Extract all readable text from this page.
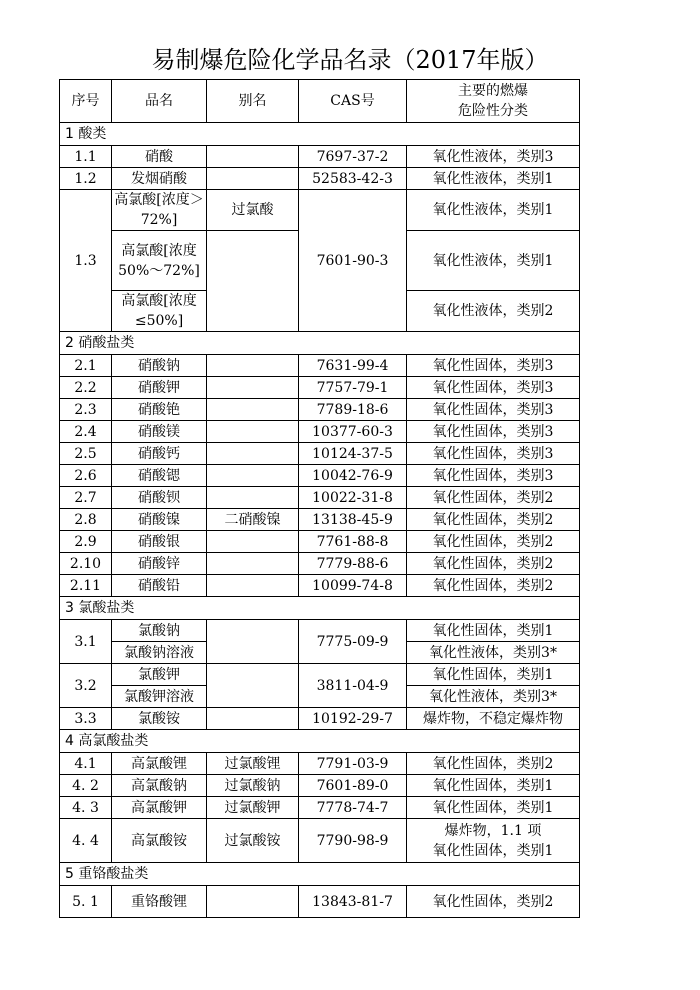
易制爆危险化学品名录（2017年版）
序号	品名	别名	CAS号	主要的燃爆
危险性分类
1 酸类				
1.1	硝酸		7697-37-2	氧化性液体，类别3
1.2	发烟硝酸		52583-42-3	氧化性液体，类别1
1.3	高氯酸[浓度＞72%]	过氯酸	7601-90-3	氧化性液体，类别1
	高氯酸[浓度50%～72%]			氧化性液体，类别1
	高氯酸[浓度≤50%]			氧化性液体，类别2
2 硝酸盐类				
2.1	硝酸钠		7631-99-4	氧化性固体，类别3
2.2	硝酸钾		7757-79-1	氧化性固体，类别3
2.3	硝酸铯		7789-18-6	氧化性固体，类别3
2.4	硝酸镁		10377-60-3	氧化性固体，类别3
2.5	硝酸钙		10124-37-5	氧化性固体，类别3
2.6	硝酸锶		10042-76-9	氧化性固体，类别3
2.7	硝酸钡		10022-31-8	氧化性固体，类别2
2.8	硝酸镍	二硝酸镍	13138-45-9	氧化性固体，类别2
2.9	硝酸银		7761-88-8	氧化性固体，类别2
2.10	硝酸锌		7779-88-6	氧化性固体，类别2
2.11	硝酸铅		10099-74-8	氧化性固体，类别2
3 氯酸盐类				
3.1	氯酸钠		7775-09-9	氧化性固体，类别1
	氯酸钠溶液			氧化性液体，类别3*
3.2	氯酸钾		3811-04-9	氧化性固体，类别1
	氯酸钾溶液			氧化性液体，类别3*
3.3	氯酸铵		10192-29-7	爆炸物，不稳定爆炸物
4 高氯酸盐类				
4.1	高氯酸锂	过氯酸锂	7791-03-9	氧化性固体，类别2
4. 2	高氯酸钠	过氯酸钠	7601-89-0	氧化性固体，类别1
4. 3	高氯酸钾	过氯酸钾	7778-74-7	氧化性固体，类别1
4. 4	高氯酸铵	过氯酸铵	7790-98-9	爆炸物，1.1 项
氧化性固体，类别1

5 重铬酸盐类				
5. 1	重铬酸锂		13843-81-7	氧化性固体，类别2
